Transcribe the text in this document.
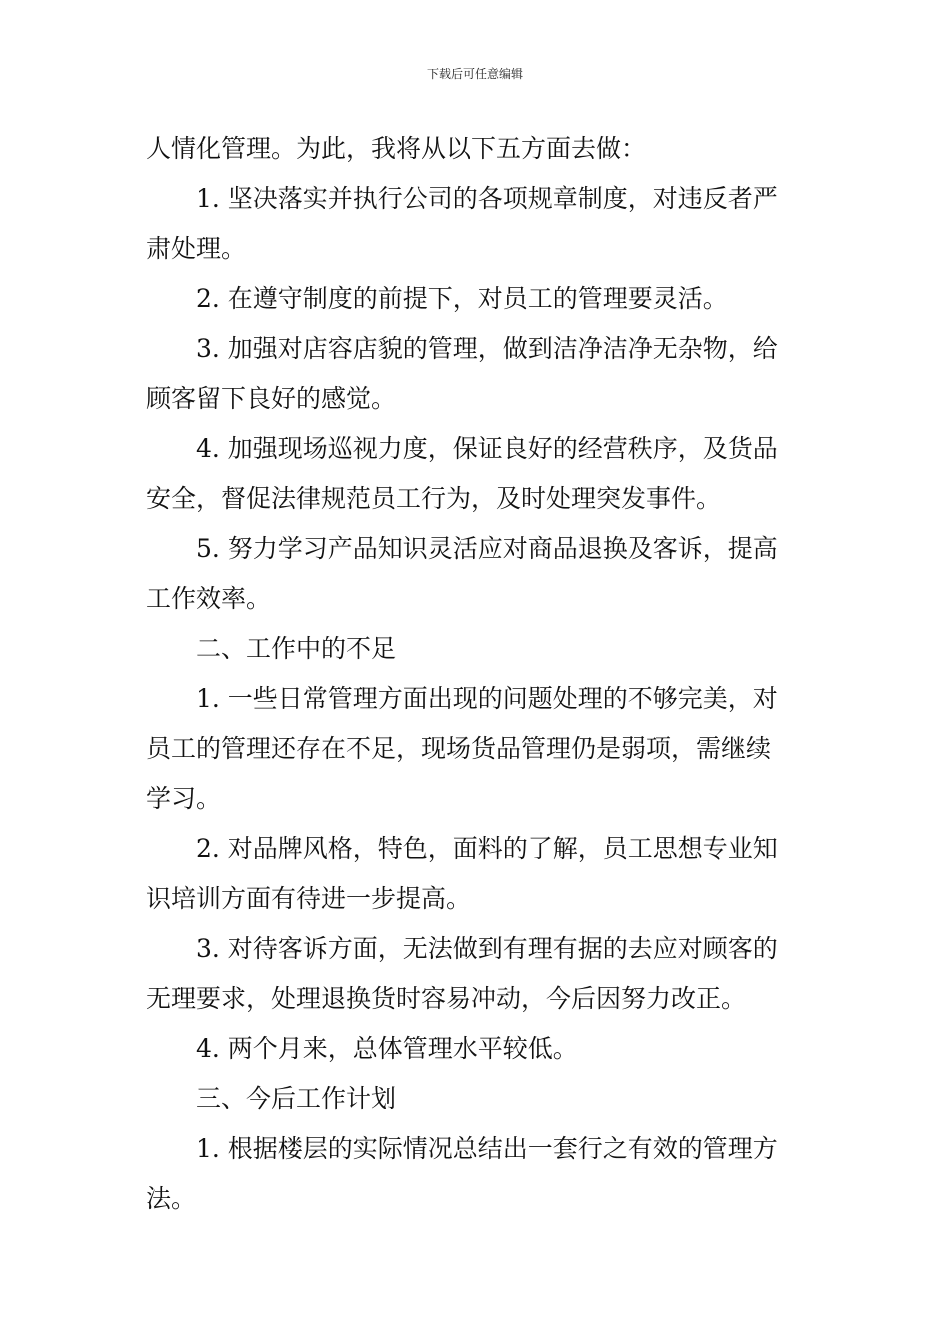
下载后可任意编辑
人情化管理。为此，我将从以下五方面去做：
1. 坚决落实并执行公司的各项规章制度，对违反者严
肃处理。
2. 在遵守制度的前提下，对员工的管理要灵活。
3. 加强对店容店貌的管理，做到洁净洁净无杂物，给
顾客留下良好的感觉。
4. 加强现场巡视力度，保证良好的经营秩序，及货品
安全，督促法律规范员工行为，及时处理突发事件。
5. 努力学习产品知识灵活应对商品退换及客诉，提高
工作效率。
二、工作中的不足
1. 一些日常管理方面出现的问题处理的不够完美，对
员工的管理还存在不足，现场货品管理仍是弱项，需继续
学习。
2. 对品牌风格，特色，面料的了解，员工思想专业知
识培训方面有待进一步提高。
3. 对待客诉方面，无法做到有理有据的去应对顾客的
无理要求，处理退换货时容易冲动，今后因努力改正。
4. 两个月来，总体管理水平较低。
三、今后工作计划
1. 根据楼层的实际情况总结出一套行之有效的管理方
法。
